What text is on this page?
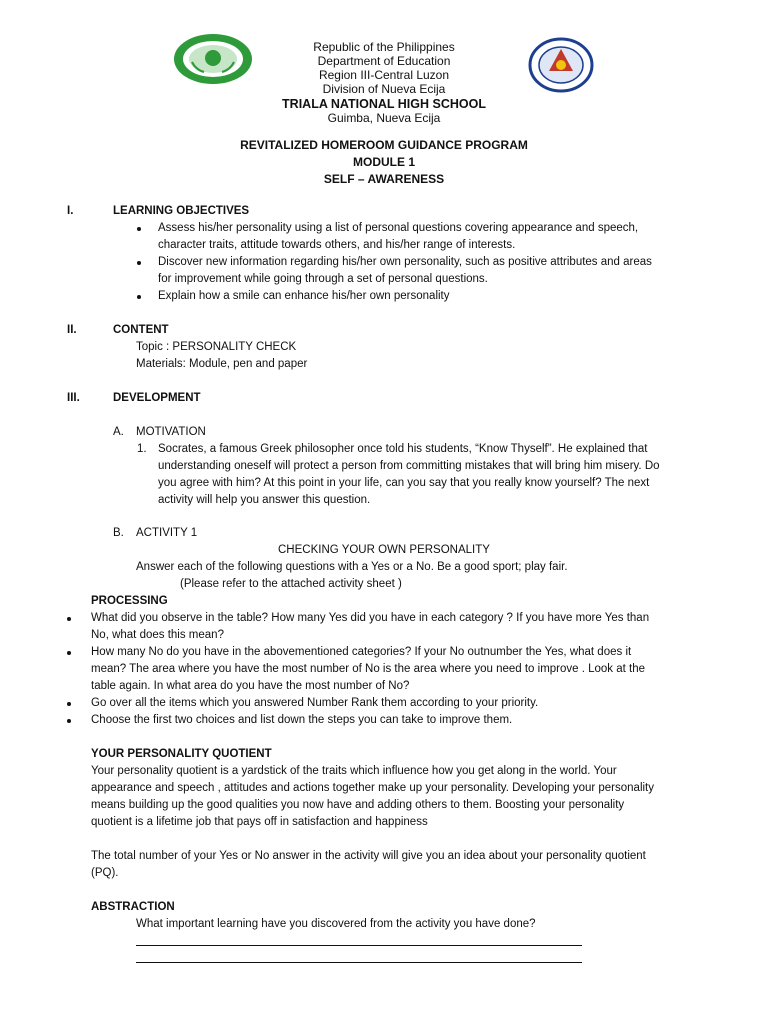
Republic of the Philippines
Department of Education
Region III-Central Luzon
Division of Nueva Ecija
TRIALA NATIONAL HIGH SCHOOL
Guimba, Nueva Ecija
REVITALIZED HOMEROOM GUIDANCE PROGRAM
MODULE 1
SELF – AWARENESS
I.	LEARNING OBJECTIVES
Assess his/her personality using a list of personal questions covering appearance and speech,
character traits, attitude towards others, and his/her range of interests.
Discover new information regarding his/her own personality, such as positive attributes and areas
for improvement while going through a set of personal questions.
Explain how a smile can enhance his/her own personality
II.	CONTENT
Topic : PERSONALITY CHECK
Materials: Module, pen and paper
III.	DEVELOPMENT
A. MOTIVATION
1. Socrates, a famous Greek philosopher once told his students, “Know Thyself”. He explained that
understanding oneself will protect a person from committing mistakes that will bring him misery. Do
you agree with him? At this point in your life, can you say that you really know yourself? The next
activity will help you answer this question.
B. ACTIVITY 1
CHECKING YOUR OWN PERSONALITY
Answer each of the following questions with a Yes or a No. Be a good sport; play fair.
(Please refer to the attached activity sheet )
PROCESSING
What did you observe in the table? How many Yes did you have in each category ? If you have more Yes than
No, what does this mean?
How many No do you have in the abovementioned categories? If your No outnumber the Yes, what does it
mean? The area where you have the most number of No is the area where you need to improve . Look at the
table again. In what area do you have the most number of No?
Go over all the items which you answered Number Rank them according to your priority.
Choose the first two choices and list down the steps you can take to improve them.
YOUR PERSONALITY QUOTIENT
Your personality quotient is a yardstick of the traits which influence how you get along in the world. Your
appearance and speech , attitudes and actions together make up your personality. Developing your personality
means building up the good qualities you now have and adding others to them. Boosting your personality
quotient is a lifetime job that pays off in satisfaction and happiness
The total number of your Yes or No answer in the activity will give you an idea about your personality quotient
(PQ).
ABSTRACTION
What important learning have you discovered from the activity you have done?
